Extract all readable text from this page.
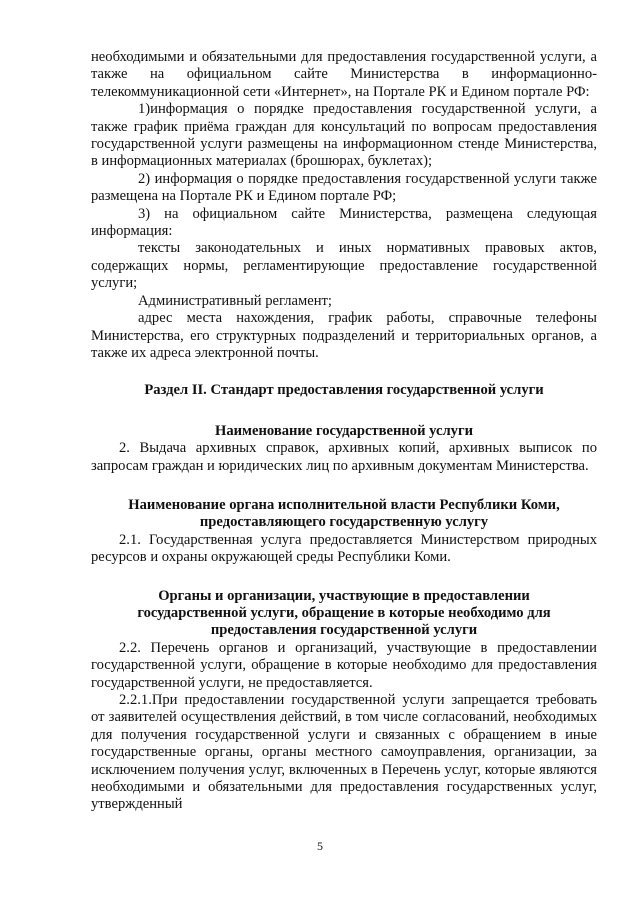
необходимыми и обязательными для предоставления государственной услуги, а также на официальном сайте Министерства в информационно-телекоммуникационной сети «Интернет», на Портале РК и Едином портале РФ:

1)информация о порядке предоставления государственной услуги, а также график приёма граждан для консультаций по вопросам предоставления государственной услуги размещены на информационном стенде Министерства, в информационных материалах (брошюрах, буклетах);

2) информация о порядке предоставления государственной услуги также размещена на Портале РК и Едином портале РФ;

3) на официальном сайте Министерства, размещена следующая информация:

тексты законодательных и иных нормативных правовых актов, содержащих нормы, регламентирующие предоставление государственной услуги;

Административный регламент;

адрес места нахождения, график работы, справочные телефоны Министерства, его структурных подразделений и территориальных органов, а также их адреса электронной почты.

Раздел II. Стандарт предоставления государственной услуги
Наименование государственной услуги

2. Выдача архивных справок, архивных копий, архивных выписок по запросам граждан и юридических лиц по архивным документам Министерства.

Наименование органа исполнительной власти Республики Коми,
предоставляющего государственную услугу

2.1. Государственная услуга предоставляется Министерством природных ресурсов и охраны окружающей среды Республики Коми.

Органы и организации, участвующие в предоставлении
государственной услуги, обращение в которые необходимо для
предоставления государственной услуги

2.2. Перечень органов и организаций, участвующие в предоставлении государственной услуги, обращение в которые необходимо для предоставления государственной услуги, не предоставляется.

2.2.1.При предоставлении государственной услуги запрещается требовать от заявителей осуществления действий, в том числе согласований, необходимых для получения государственной услуги и связанных с обращением в иные государственные органы, органы местного самоуправления, организации, за исключением получения услуг, включенных в Перечень услуг, которые являются необходимыми и обязательными для предоставления государственных услуг, утвержденный

5
